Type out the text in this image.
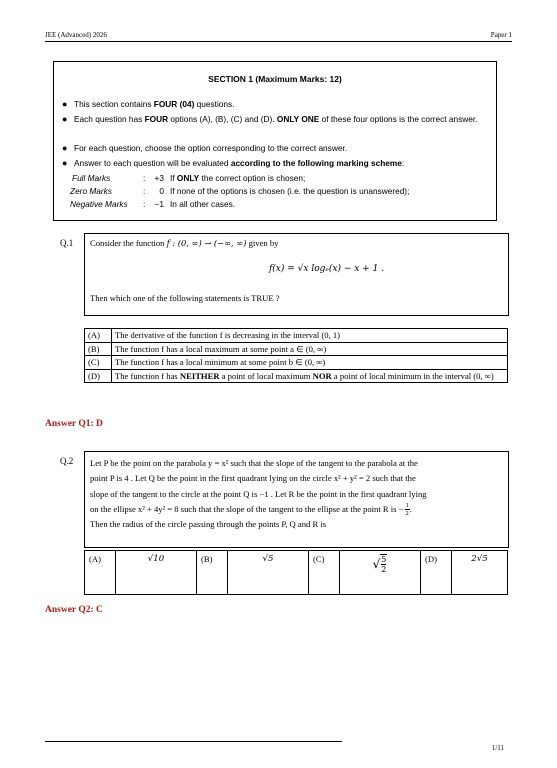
JEE (Advanced) 2026	Paper 1
SECTION 1 (Maximum Marks: 12)
● This section contains FOUR (04) questions.
● Each question has FOUR options (A), (B), (C) and (D). ONLY ONE of these four options is the correct answer.
● For each question, choose the option corresponding to the correct answer.
● Answer to each question will be evaluated according to the following marking scheme:
Full Marks	:	+3 If ONLY the correct option is chosen;
Zero Marks	:	0 If none of the options is chosen (i.e. the question is unanswered);
Negative Marks :	−1 In all other cases.
Q.1 Consider the function f : (0, ∞) → (−∞, ∞) given by
f(x) = √x logₑ(x) − x + 1 .
Then which one of the following statements is TRUE ?
(A)	The derivative of the function f is decreasing in the interval (0, 1)
(B)	The function f has a local maximum at some point a ∈ (0, ∞)
(C)	The function f has a local minimum at some point b ∈ (0, ∞)
(D)	The function f has NEITHER a point of local maximum NOR a point of local minimum in the interval (0, ∞)
Answer Q1: D
Q.2 Let P be the point on the parabola y = x² such that the slope of the tangent to the parabola at the
point P is 4 . Let Q be the point in the first quadrant lying on the circle x² + y² = 2 such that the
slope of the tangent to the circle at the point Q is −1 . Let R be the point in the first quadrant lying
on the ellipse x² + 4y² = 8 such that the slope of the tangent to the ellipse at the point R is − $\frac{1}{2}$ .
Then the radius of the circle passing through the points P, Q and R is
(A)	√10	(B)	√5	(C)	√ $\frac{5}{2}$	(D)	2√5
Answer Q2: C
1/11
